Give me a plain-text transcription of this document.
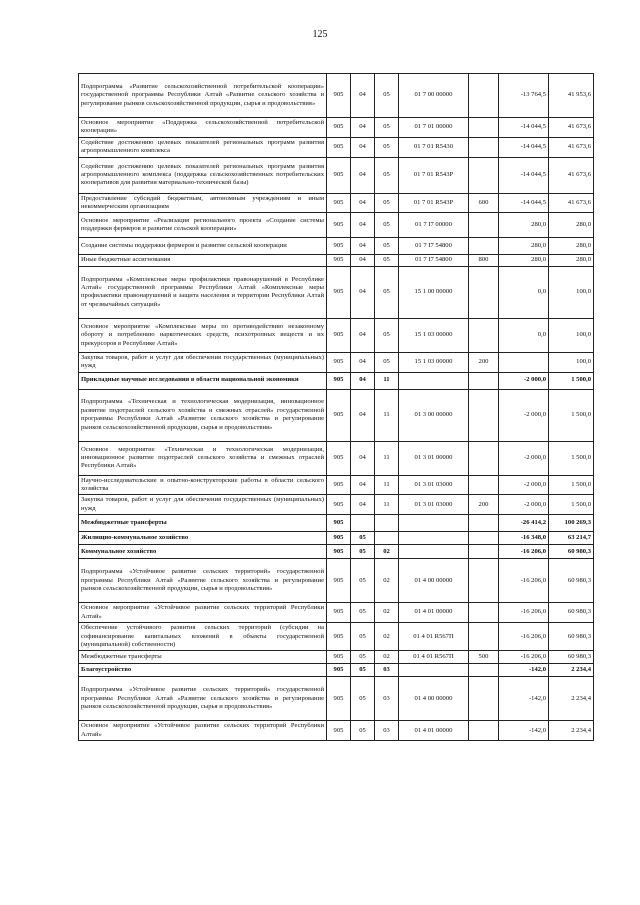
125
Подпрограмма «Развитие сельскохозяйственной потребительской кооперации» государственной программы Республики Алтай «Развитие сельского хозяйства и регулирование рынков сельскохозяйственной продукции, сырья и продовольствия»	905	04	05	01 7 00 00000		-13 764,5	41 953,6
Основное мероприятие «Поддержка сельскохозяйственной потребительской кооперации»	905	04	05	01 7 01 00000		-14 044,5	41 673,6
Содействие достижению целевых показателей региональных программ развития агропромышленного комплекса	905	04	05	01 7 01 R5430		-14 044,5	41 673,6
Содействие достижению целевых показателей региональных программ развития агропромышленного комплекса (поддержка сельскохозяйственных потребительских кооперативов для развития материально-технической базы)	905	04	05	01 7 01 R543Р		-14 044,5	41 673,6
Предоставление субсидий бюджетным, автономным учреждениям и иным некоммерческим организациям	905	04	05	01 7 01 R543Р	600	-14 044,5	41 673,6
Основное мероприятие «Реализация регионального проекта «Создание системы поддержки фермеров и развитие сельской кооперации»	905	04	05	01 7 I7 00000		280,0	280,0
Создание системы поддержки фермеров и развитие сельской кооперации	905	04	05	01 7 I7 54800		280,0	280,0
Иные бюджетные ассигнования	905	04	05	01 7 I7 54800	800	280,0	280,0
Подпрограмма «Комплексные меры профилактики правонарушений в Республике Алтай» государственной программы Республики Алтай «Комплексные меры профилактики правонарушений и защита населения и территории Республики Алтай от чрезвычайных ситуаций»	905	04	05	15 1 00 00000		0,0	100,0
Основное мероприятие «Комплексные меры по противодействию незаконному обороту и потреблению наркотических средств, психотропных веществ и их прекурсоров в Республике Алтай»	905	04	05	15 1 03 00000		0,0	100,0
Закупка товаров, работ и услуг для обеспечения государственных (муниципальных) нужд	905	04	05	15 1 03 00000	200		100,0
Прикладные научные исследования в области национальной экономики	905	04	11			-2 000,0	1 500,0
Подпрограмма «Техническая и технологическая модернизация, инновационное развитие подотраслей сельского хозяйства и смежных отраслей» государственной программы Республики Алтай «Развитие сельского хозяйства и регулирование рынков сельскохозяйственной продукции, сырья и продовольствия»	905	04	11	01 3 00 00000		-2 000,0	1 500,0
Основное мероприятие «Техническая и технологическая модернизация, инновационное развитие подотраслей сельского хозяйства и смежных отраслей Республики Алтай»	905	04	11	01 3 01 00000		-2 000,0	1 500,0
Научно-исследовательские и опытно-конструкторские работы в области сельского хозяйства	905	04	11	01 3 01 03000		-2 000,0	1 500,0
Закупка товаров, работ и услуг для обеспечения государственных (муниципальных) нужд	905	04	11	01 3 01 03000	200	-2 000,0	1 500,0
Межбюджетные трансферты	905					-26 414,2	100 269,3
Жилищно-коммунальное хозяйство	905	05				-16 348,0	63 214,7
Коммунальное хозяйство	905	05	02			-16 206,0	60 980,3
Подпрограмма «Устойчивое развитие сельских территорий» государственной программы Республики Алтай «Развитие сельского хозяйства и регулирование рынков сельскохозяйственной продукции, сырья и продовольствия»	905	05	02	01 4 00 00000		-16 206,0	60 980,3
Основное мероприятие «Устойчивое развитие сельских территорий Республики Алтай»	905	05	02	01 4 01 00000		-16 206,0	60 980,3
Обеспечение устойчивого развития сельских территорий (субсидии на софинансирование капитальных вложений в объекты государственной (муниципальной) собственности)	905	05	02	01 4 01 R567П		-16 206,0	60 980,3
Межбюджетные трансферты	905	05	02	01 4 01 R567П	500	-16 206,0	60 980,3
Благоустройство	905	05	03			-142,0	2 234,4
Подпрограмма «Устойчивое развитие сельских территорий» государственной программы Республики Алтай «Развитие сельского хозяйства и регулирование рынков сельскохозяйственной продукции, сырья и продовольствия»	905	05	03	01 4 00 00000		-142,0	2 234,4
Основное мероприятие «Устойчивое развитие сельских территорий Республики Алтай»	905	05	03	01 4 01 00000		-142,0	2 234,4
